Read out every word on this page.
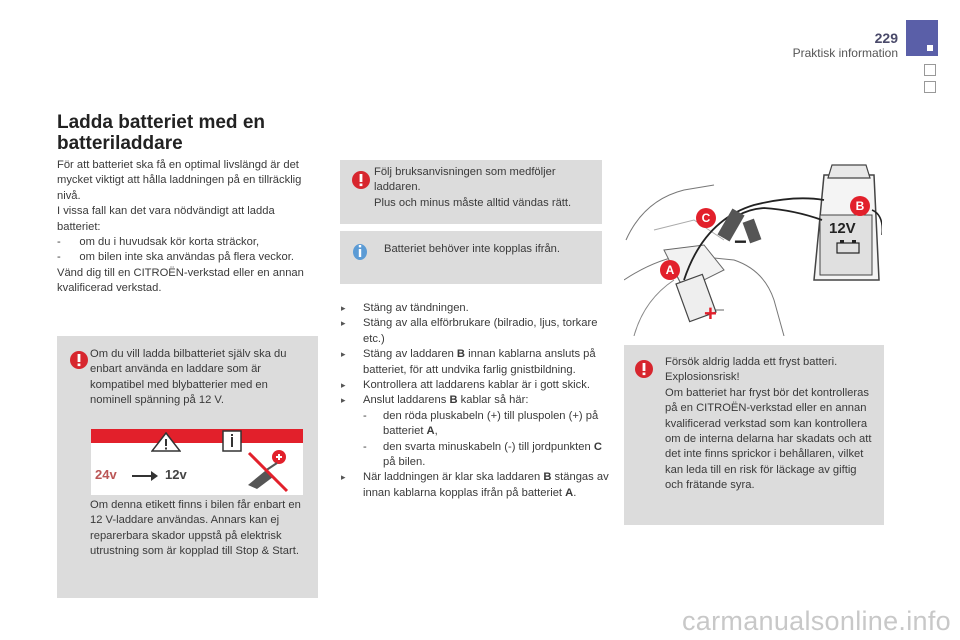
229
Praktisk information
Ladda batteriet med en batteriladdare

För att batteriet ska få en optimal livslängd är det mycket viktigt att hålla laddningen på en tillräcklig nivå.

I vissa fall kan det vara nödvändigt att ladda batteriet:

-      om du i huvudsak kör korta sträckor,

-      om bilen inte ska användas på flera veckor.

Vänd dig till en CITROËN-verkstad eller en annan kvalificerad verkstad.

Om du vill ladda bilbatteriet själv ska du enbart använda en laddare som är kompatibel med blybatterier med en nominell spänning på 12 V.
24v	12v
Om denna etikett finns i bilen får enbart en 12 V-laddare användas. Annars kan ej reparerbara skador uppstå på elektrisk utrustning som är kopplad till Stop & Start.
Följ bruksanvisningen som medföljer laddaren.
Plus och minus måste alltid vändas rätt.
Batteriet behöver inte kopplas ifrån.
▸ Stäng av tändningen.
▸ Stäng av alla elförbrukare (bilradio, ljus, torkare etc.)
▸ Stäng av laddaren B innan kablarna ansluts på batteriet, för att undvika farlig gnistbildning.
▸ Kontrollera att laddarens kablar är i gott skick.
▸ Anslut laddarens B kablar så här:
- den röda pluskabeln (+) till pluspolen (+) på batteriet A,
- den svarta minuskabeln (-) till jordpunkten C på bilen.
▸ När laddningen är klar ska laddaren B stängas av innan kablarna kopplas ifrån på batteriet A.
12V
B
C
A
+
−
Försök aldrig ladda ett fryst batteri. Explosionsrisk!
Om batteriet har fryst bör det kontrolleras på en CITROËN-verkstad eller en annan kvalificerad verkstad som kan kontrollera om de interna delarna har skadats och att det inte finns sprickor i behållaren, vilket kan leda till en risk för läckage av giftig och frätande syra.
carmanualsonline.info
